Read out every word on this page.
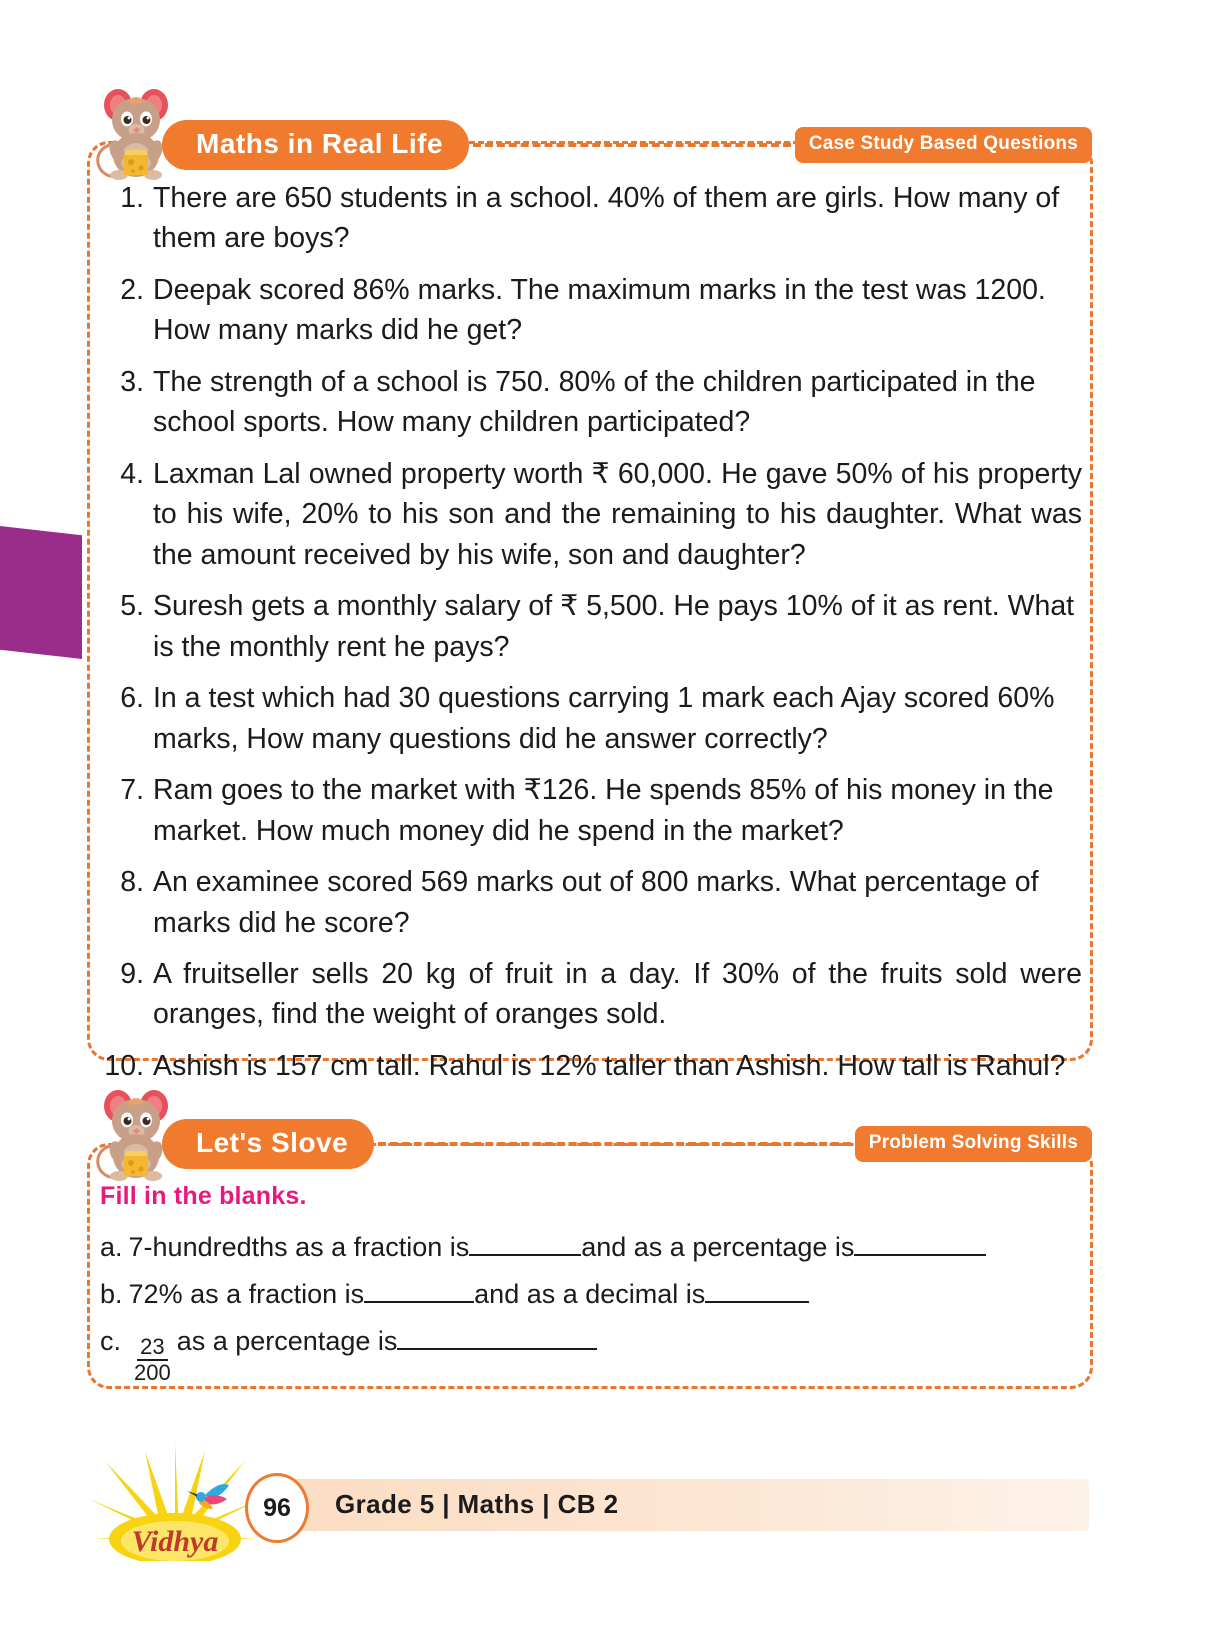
Maths in Real Life	Case Study Based Questions
1. There are 650 students in a school. 40% of them are girls. How many of them are boys?
2. Deepak scored 86% marks. The maximum marks in the test was 1200. How many marks did he get?
3. The strength of a school is 750. 80% of the children participated in the school sports. How many children participated?
4. Laxman Lal owned property worth ₹ 60,000. He gave 50% of his property to his wife, 20% to his son and the remaining to his daughter. What was the amount received by his wife, son and daughter?
5. Suresh gets a monthly salary of ₹ 5,500. He pays 10% of it as rent. What is the monthly rent he pays?
6. In a test which had 30 questions carrying 1 mark each Ajay scored 60% marks, How many questions did he answer correctly?
7. Ram goes to the market with ₹126. He spends 85% of his money in the market. How much money did he spend in the market?
8. An examinee scored 569 marks out of 800 marks. What percentage of marks did he score?
9. A fruitseller sells 20 kg of fruit in a day. If 30% of the fruits sold were oranges, find the weight of oranges sold.
10. Ashish is 157 cm tall. Rahul is 12% taller than Ashish. How tall is Rahul?
Let's Slove	Problem Solving Skills
Fill in the blanks.
a. 7-hundredths as a fraction is	and as a percentage is
b. 72% as a fraction is	and as a decimal is
c. $\frac{23}{200}$ as a percentage is
Vidhya
96	Grade 5 | Maths | CB 2
